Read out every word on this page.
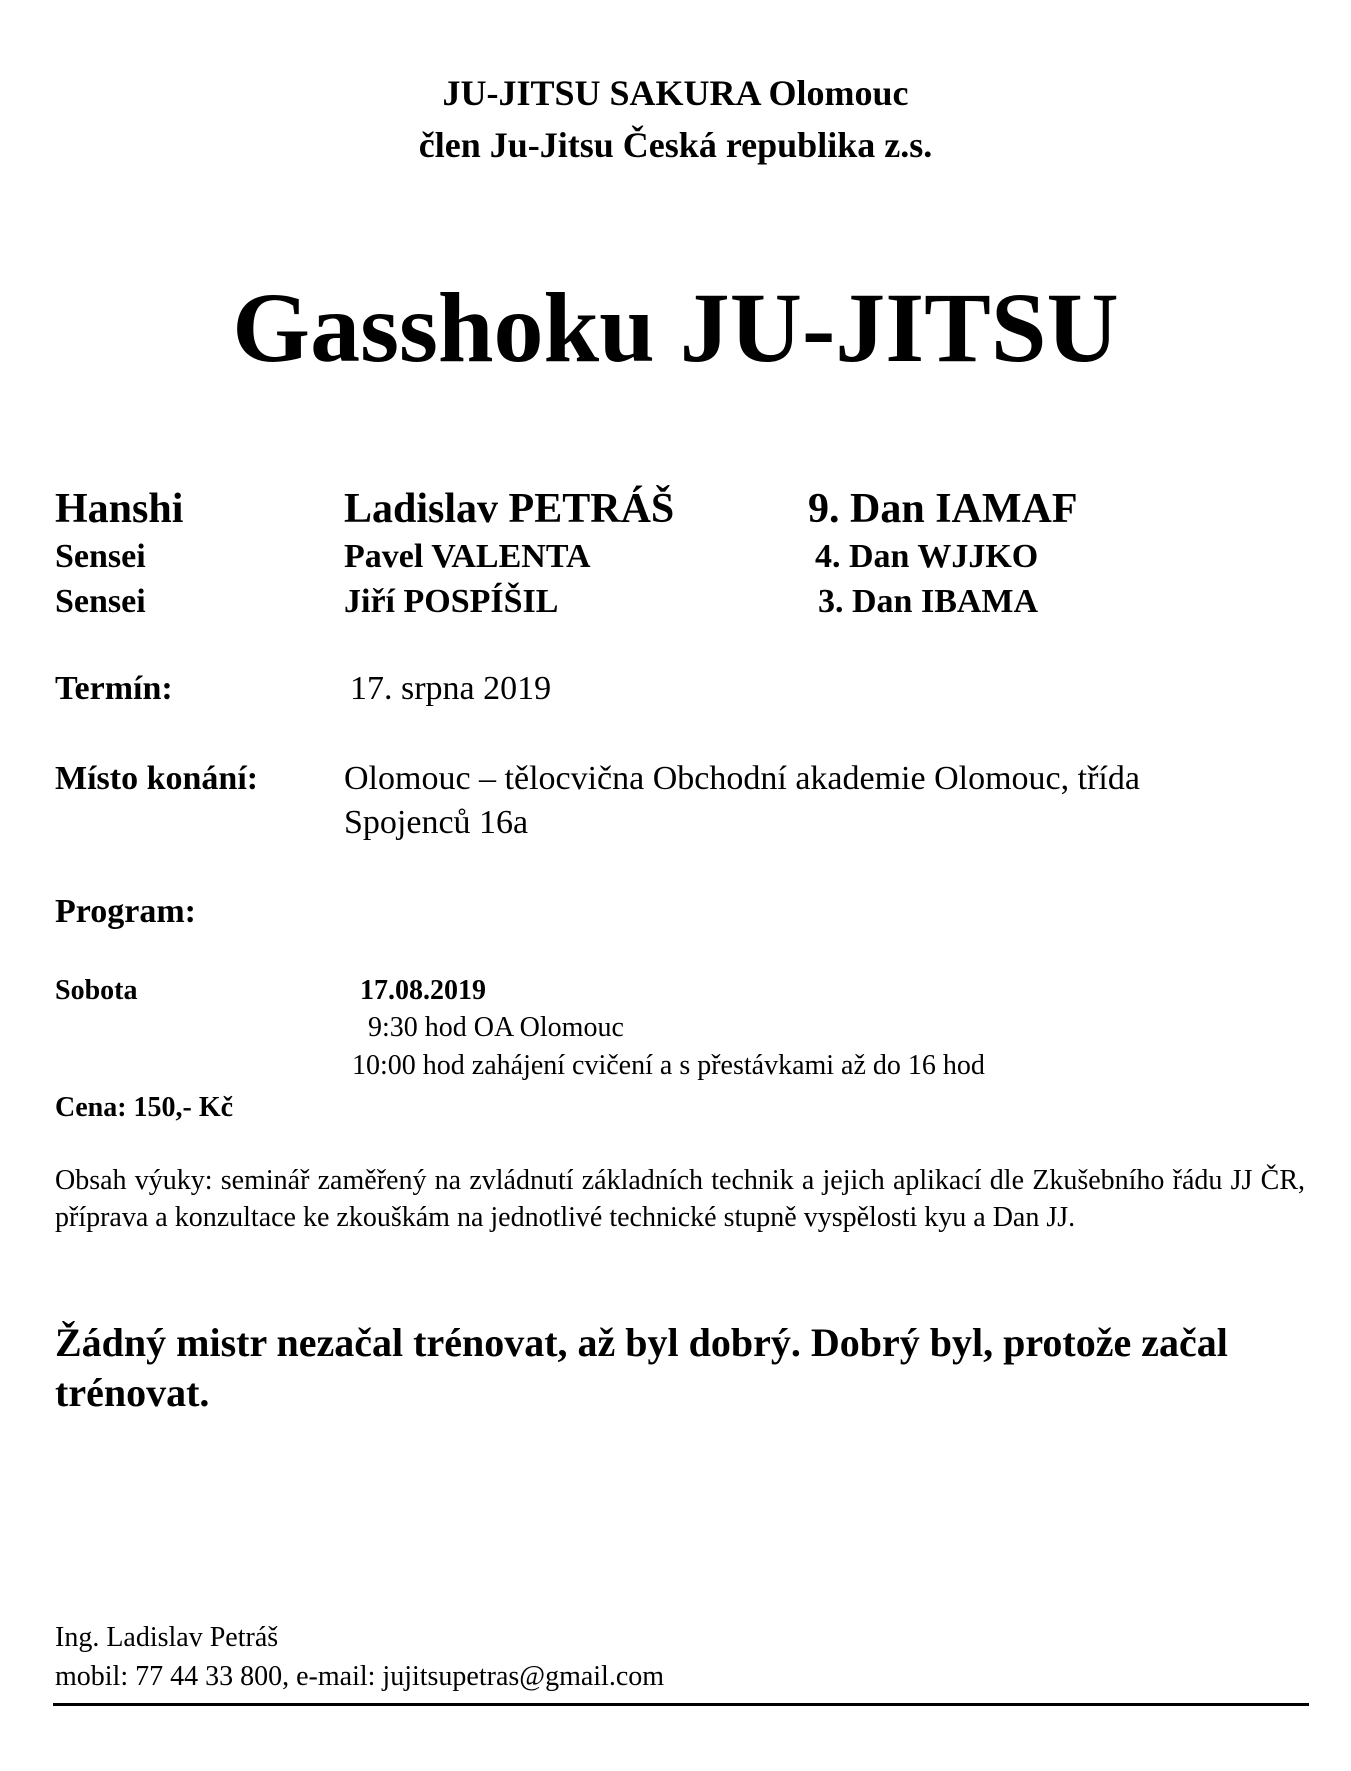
JU-JITSU SAKURA Olomouc
člen Ju-Jitsu Česká republika z.s.
Gasshoku JU-JITSU
Hanshi	Ladislav PETRÁŠ	9. Dan IAMAF
Sensei	Pavel VALENTA	4. Dan WJJKO
Sensei	Jiří POSPÍŠIL	3. Dan IBAMA
Termín:	17. srpna 2019
Místo konání:	Olomouc – tělocvična Obchodní akademie Olomouc, třída
Spojenců 16a
Program:
Sobota	17.08.2019
9:30 hod OA Olomouc
10:00 hod zahájení cvičení a s přestávkami až do 16 hod
Cena: 150,- Kč
Obsah výuky: seminář zaměřený na zvládnutí základních technik a jejich aplikací dle Zkušebního řádu JJ ČR, příprava a konzultace ke zkouškám na jednotlivé technické stupně vyspělosti kyu a Dan JJ.
Žádný mistr nezačal trénovat, až byl dobrý. Dobrý byl, protože začal trénovat.
Ing. Ladislav Petráš
mobil: 77 44 33 800, e-mail: jujitsupetras@gmail.com
